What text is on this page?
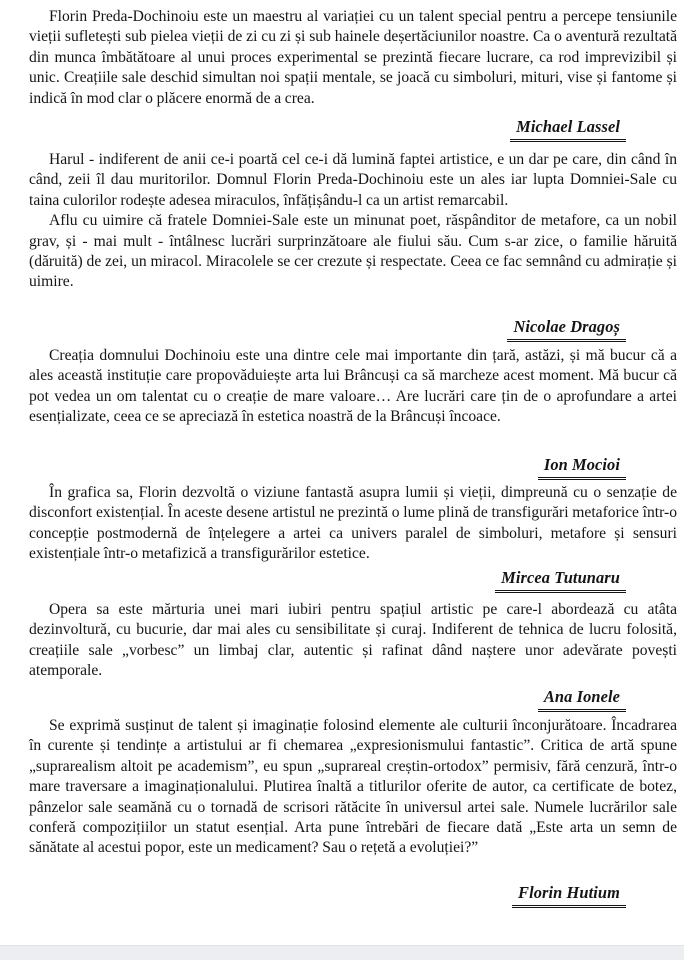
Florin Preda-Dochinoiu este un maestru al variației cu un talent special pentru a percepe tensiunile vieții sufletești sub pielea vieții de zi cu zi și sub hainele deșertăciunilor noastre. Ca o aventură rezultată din munca îmbătătoare al unui proces experimental se prezintă fiecare lucrare, ca rod imprevizibil și unic. Creațiile sale deschid simultan noi spații mentale, se joacă cu simboluri, mituri, vise și fantome și indică în mod clar o plăcere enormă de a crea.

Michael Lassel

Harul - indiferent de anii ce-i poartă cel ce-i dă lumină faptei artistice, e un dar pe care, din când în când, zeii îl dau muritorilor. Domnul Florin Preda-Dochinoiu este un ales iar lupta Domniei-Sale cu taina culorilor rodește adesea miraculos, înfățișându-l ca un artist remarcabil.

Aflu cu uimire că fratele Domniei-Sale este un minunat poet, răspânditor de metafore, ca un nobil grav, și - mai mult - întâlnesc lucrări surprinzătoare ale fiului său. Cum s-ar zice, o familie hăruită (dăruită) de zei, un miracol. Miracolele se cer crezute și respectate. Ceea ce fac semnând cu admirație și uimire.

Nicolae Dragoș

Creația domnului Dochinoiu este una dintre cele mai importante din țară, astăzi, și mă bucur că a ales această instituție care propovăduiește arta lui Brâncuși ca să marcheze acest moment. Mă bucur că pot vedea un om talentat cu o creație de mare valoare… Are lucrări care țin de o aprofundare a artei esențializate, ceea ce se apreciază în estetica noastră de la Brâncuși încoace.

Ion Mocioi

În grafica sa, Florin dezvoltă o viziune fantastă asupra lumii și vieții, dimpreună cu o senzație de disconfort existențial. În aceste desene artistul ne prezintă o lume plină de transfigurări metaforice într-o concepție postmodernă de înțelegere a artei ca univers paralel de simboluri, metafore și sensuri existențiale într-o metafizică a transfigurărilor estetice.

Mircea Tutunaru

Opera sa este mărturia unei mari iubiri pentru spațiul artistic pe care-l abordează cu atâta dezinvoltură, cu bucurie, dar mai ales cu sensibilitate și curaj. Indiferent de tehnica de lucru folosită, creațiile sale „vorbesc” un limbaj clar, autentic și rafinat dând naștere unor adevărate povești atemporale.

Ana Ionele

Se exprimă susținut de talent și imaginație folosind elemente ale culturii înconjurătoare. Încadrarea în curente și tendințe a artistului ar fi chemarea „expresionismului fantastic”. Critica de artă spune „suprarealism altoit pe academism”, eu spun „suprareal creștin-ortodox” permisiv, fără cenzură, într-o mare traversare a imaginaționalului. Plutirea înaltă a titlurilor oferite de autor, ca certificate de botez, pânzelor sale seamănă cu o tornadă de scrisori rătăcite în universul artei sale. Numele lucrărilor sale conferă compozițiilor un statut esențial. Arta pune întrebări de fiecare dată „Este arta un semn de sănătate al acestui popor, este un medicament? Sau o rețetă a evoluției?”

Florin Hutium
